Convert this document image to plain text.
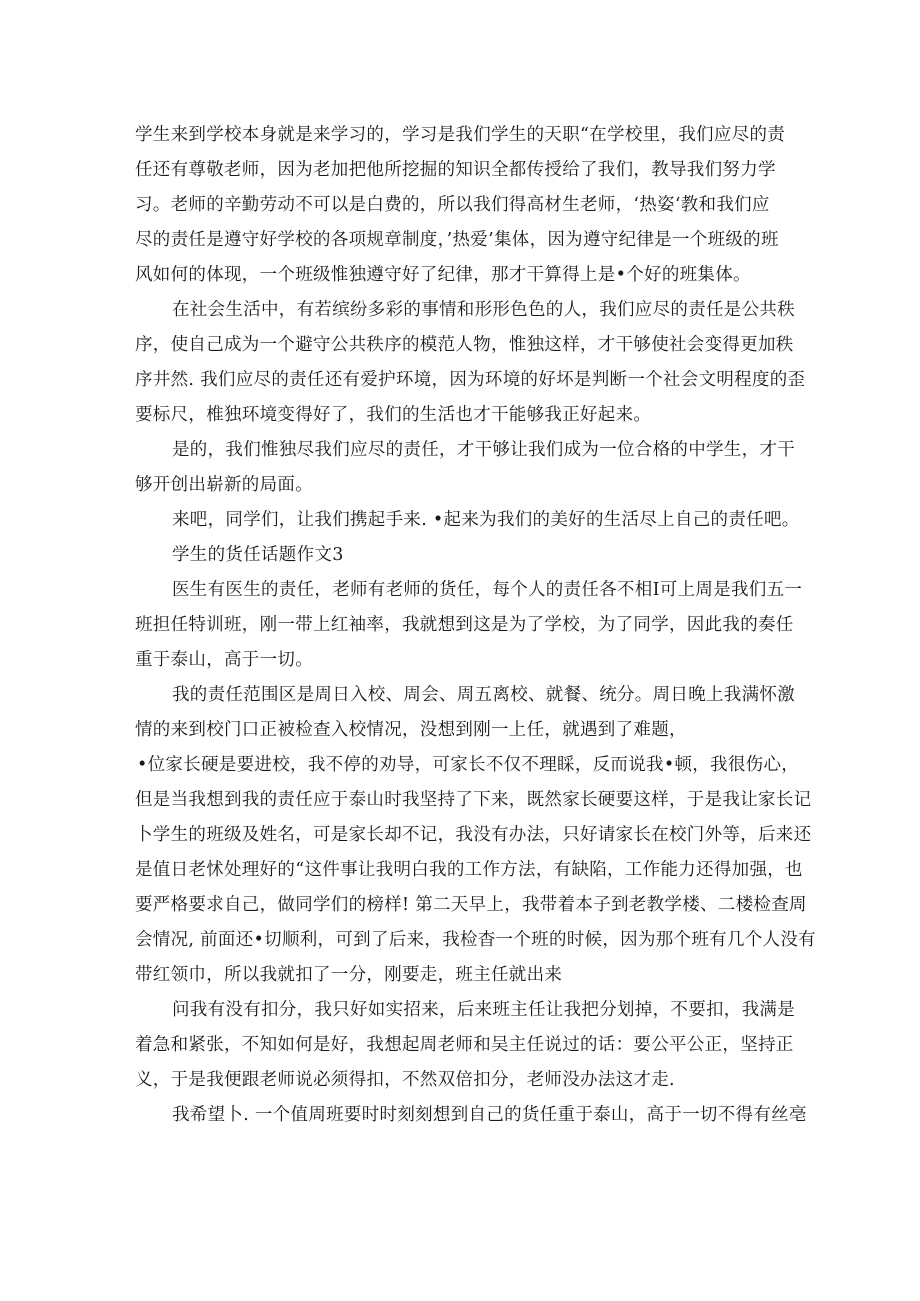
学生来到学校本身就是来学习的，学习是我们学生的天职“在学校里，我们应尽的责
任还有尊敬老师，因为老加把他所挖掘的知识全都传授给了我们，教导我们努力学
习。老师的辛勤劳动不可以是白费的，所以我们得高材生老师，‘热姿‘教和我们应
尽的责任是遵守好学校的各项规章制度，’热爱’集体，因为遵守纪律是一个班级的班
风如何的体现，一个班级惟独遵守好了纪律，那才干算得上是•个好的班集体。

在社会生活中，有若缤纷多彩的事情和形形色色的人，我们应尽的责任是公共秩
序，使自己成为一个避守公共秩序的模范人物，惟独这样，才干够使社会变得更加秩
序井然. 我们应尽的责任还有爱护环境，因为环境的好坏是判断一个社会文明程度的歪
要标尺，椎独环境变得好了，我们的生活也才干能够我正好起来。

是的，我们惟独尽我们应尽的责任，才干够让我们成为一位合格的中学生，才干
够开创出崭新的局面。

来吧，同学们，让我们携起手来. •起来为我们的美好的生活尽上自己的责任吧。

学生的货任话题作文3

医生有医生的责任，老师有老师的货任，每个人的责任各不相I可上周是我们五一
班担任特训班，刚一带上红袖率，我就想到这是为了学校，为了同学，因此我的奏任
重于泰山，高于一切。

我的责任范围区是周日入校、周会、周五离校、就餐、统分。周日晚上我满怀激
情的来到校门口正被检查入校情况，没想到刚一上任，就遇到了难题，

•位家长硬是要进校，我不停的劝导，可家长不仅不理睬，反而说我•顿，我很伤心，
但是当我想到我的责任应于泰山时我坚持了下来，既然家长硬要这样，于是我让家长记
卜学生的班级及姓名，可是家长却不记，我没有办法，只好请家长在校门外等，后来还
是值日老怵处理好的“这件事让我明白我的工作方法，有缺陷，工作能力还得加强，也
要严格要求自己，做同学们的榜样! 第二天早上，我带着本子到老教学楼、二楼检查周
会情况, 前面还•切顺利，可到了后来，我检杳一个班的时候，因为那个班有几个人没有
带红领巾，所以我就扣了一分，刚要走，班主任就出来

问我有没有扣分，我只好如实招来，后来班主任让我把分划掉，不要扣，我满是
着急和紧张，不知如何是好，我想起周老师和吴主任说过的话：要公平公正，坚持正
义，于是我便跟老师说必须得扣，不然双倍扣分，老师没办法这才走.

我希望卜. 一个值周班要时时刻刻想到自己的货任重于泰山，高于一切不得有丝亳
